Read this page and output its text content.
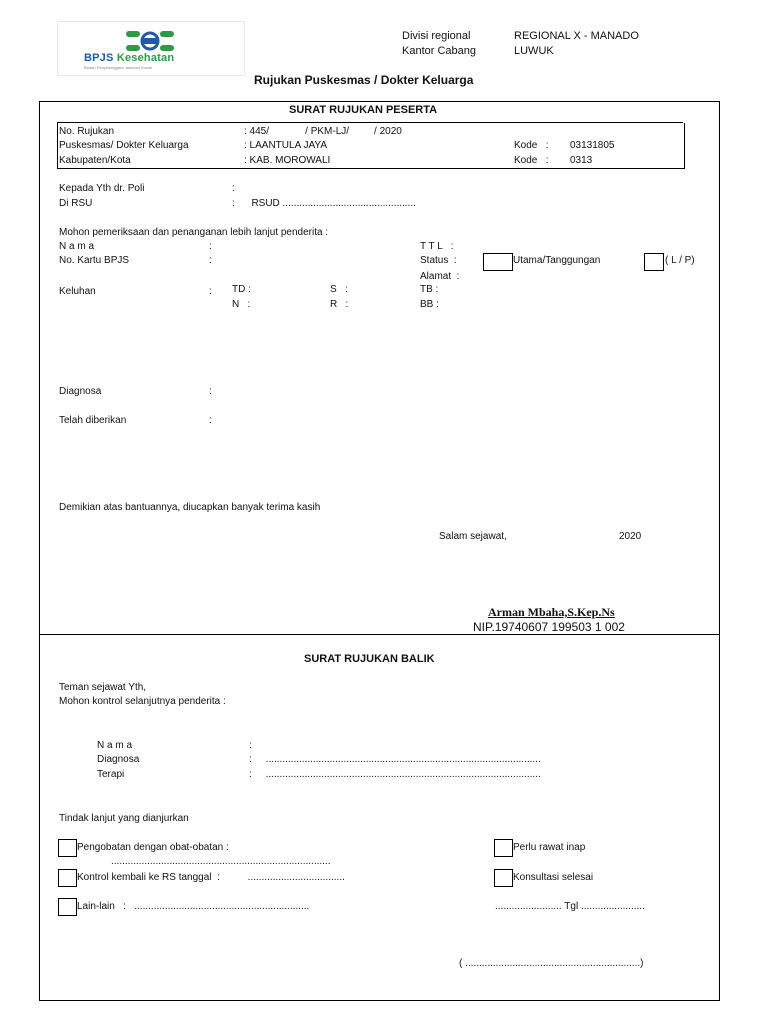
BPJS Kesehatan
Badan Penyelenggara Jaminan Sosial
Divisi regional	REGIONAL X - MANADO
Kantor Cabang	LUWUK
Rujukan Puskesmas / Dokter Keluarga
SURAT RUJUKAN PESERTA
No. Rujukan	: 445/             / PKM-LJ/         / 2020
Puskesmas/ Dokter Keluarga	: LAANTULA JAYA	Kode   : 03131805
Kabupaten/Kota	: KAB. MOROWALI	Kode   : 0313
Kepada Yth dr. Poli	:
Di RSU	:      RSUD ................................................
Mohon pemeriksaan dan penanganan lebih lanjut penderita :
N a m a	:	T T L   :
No. Kartu BPJS	:	Status  :	Utama/Tanggungan	( L / P)
Alamat  :
Keluhan	: TD :	S   :	TB :
N   :	R   :	BB :
Diagnosa	:
Telah diberikan	:
Demikian atas bantuannya, diucapkan banyak terima kasih
Salam sejawat,	2020
Arman Mbaha,S.Kep.Ns
NIP.19740607 199503 1 002
SURAT RUJUKAN BALIK
Teman sejawat Yth,
Mohon kontrol selanjutnya penderita :
N a m a	:
Diagnosa	:     ...................................................................................................
Terapi	:     ...................................................................................................
Tindak lanjut yang dianjurkan
Pengobatan dengan obat-obatan :
...............................................................................
Perlu rawat inap
Kontrol kembali ke RS tanggal  :          ...................................	Konsultasi selesai
Lain-lain   :   ...............................................................	........................ Tgl .......................
( ...............................................................)
